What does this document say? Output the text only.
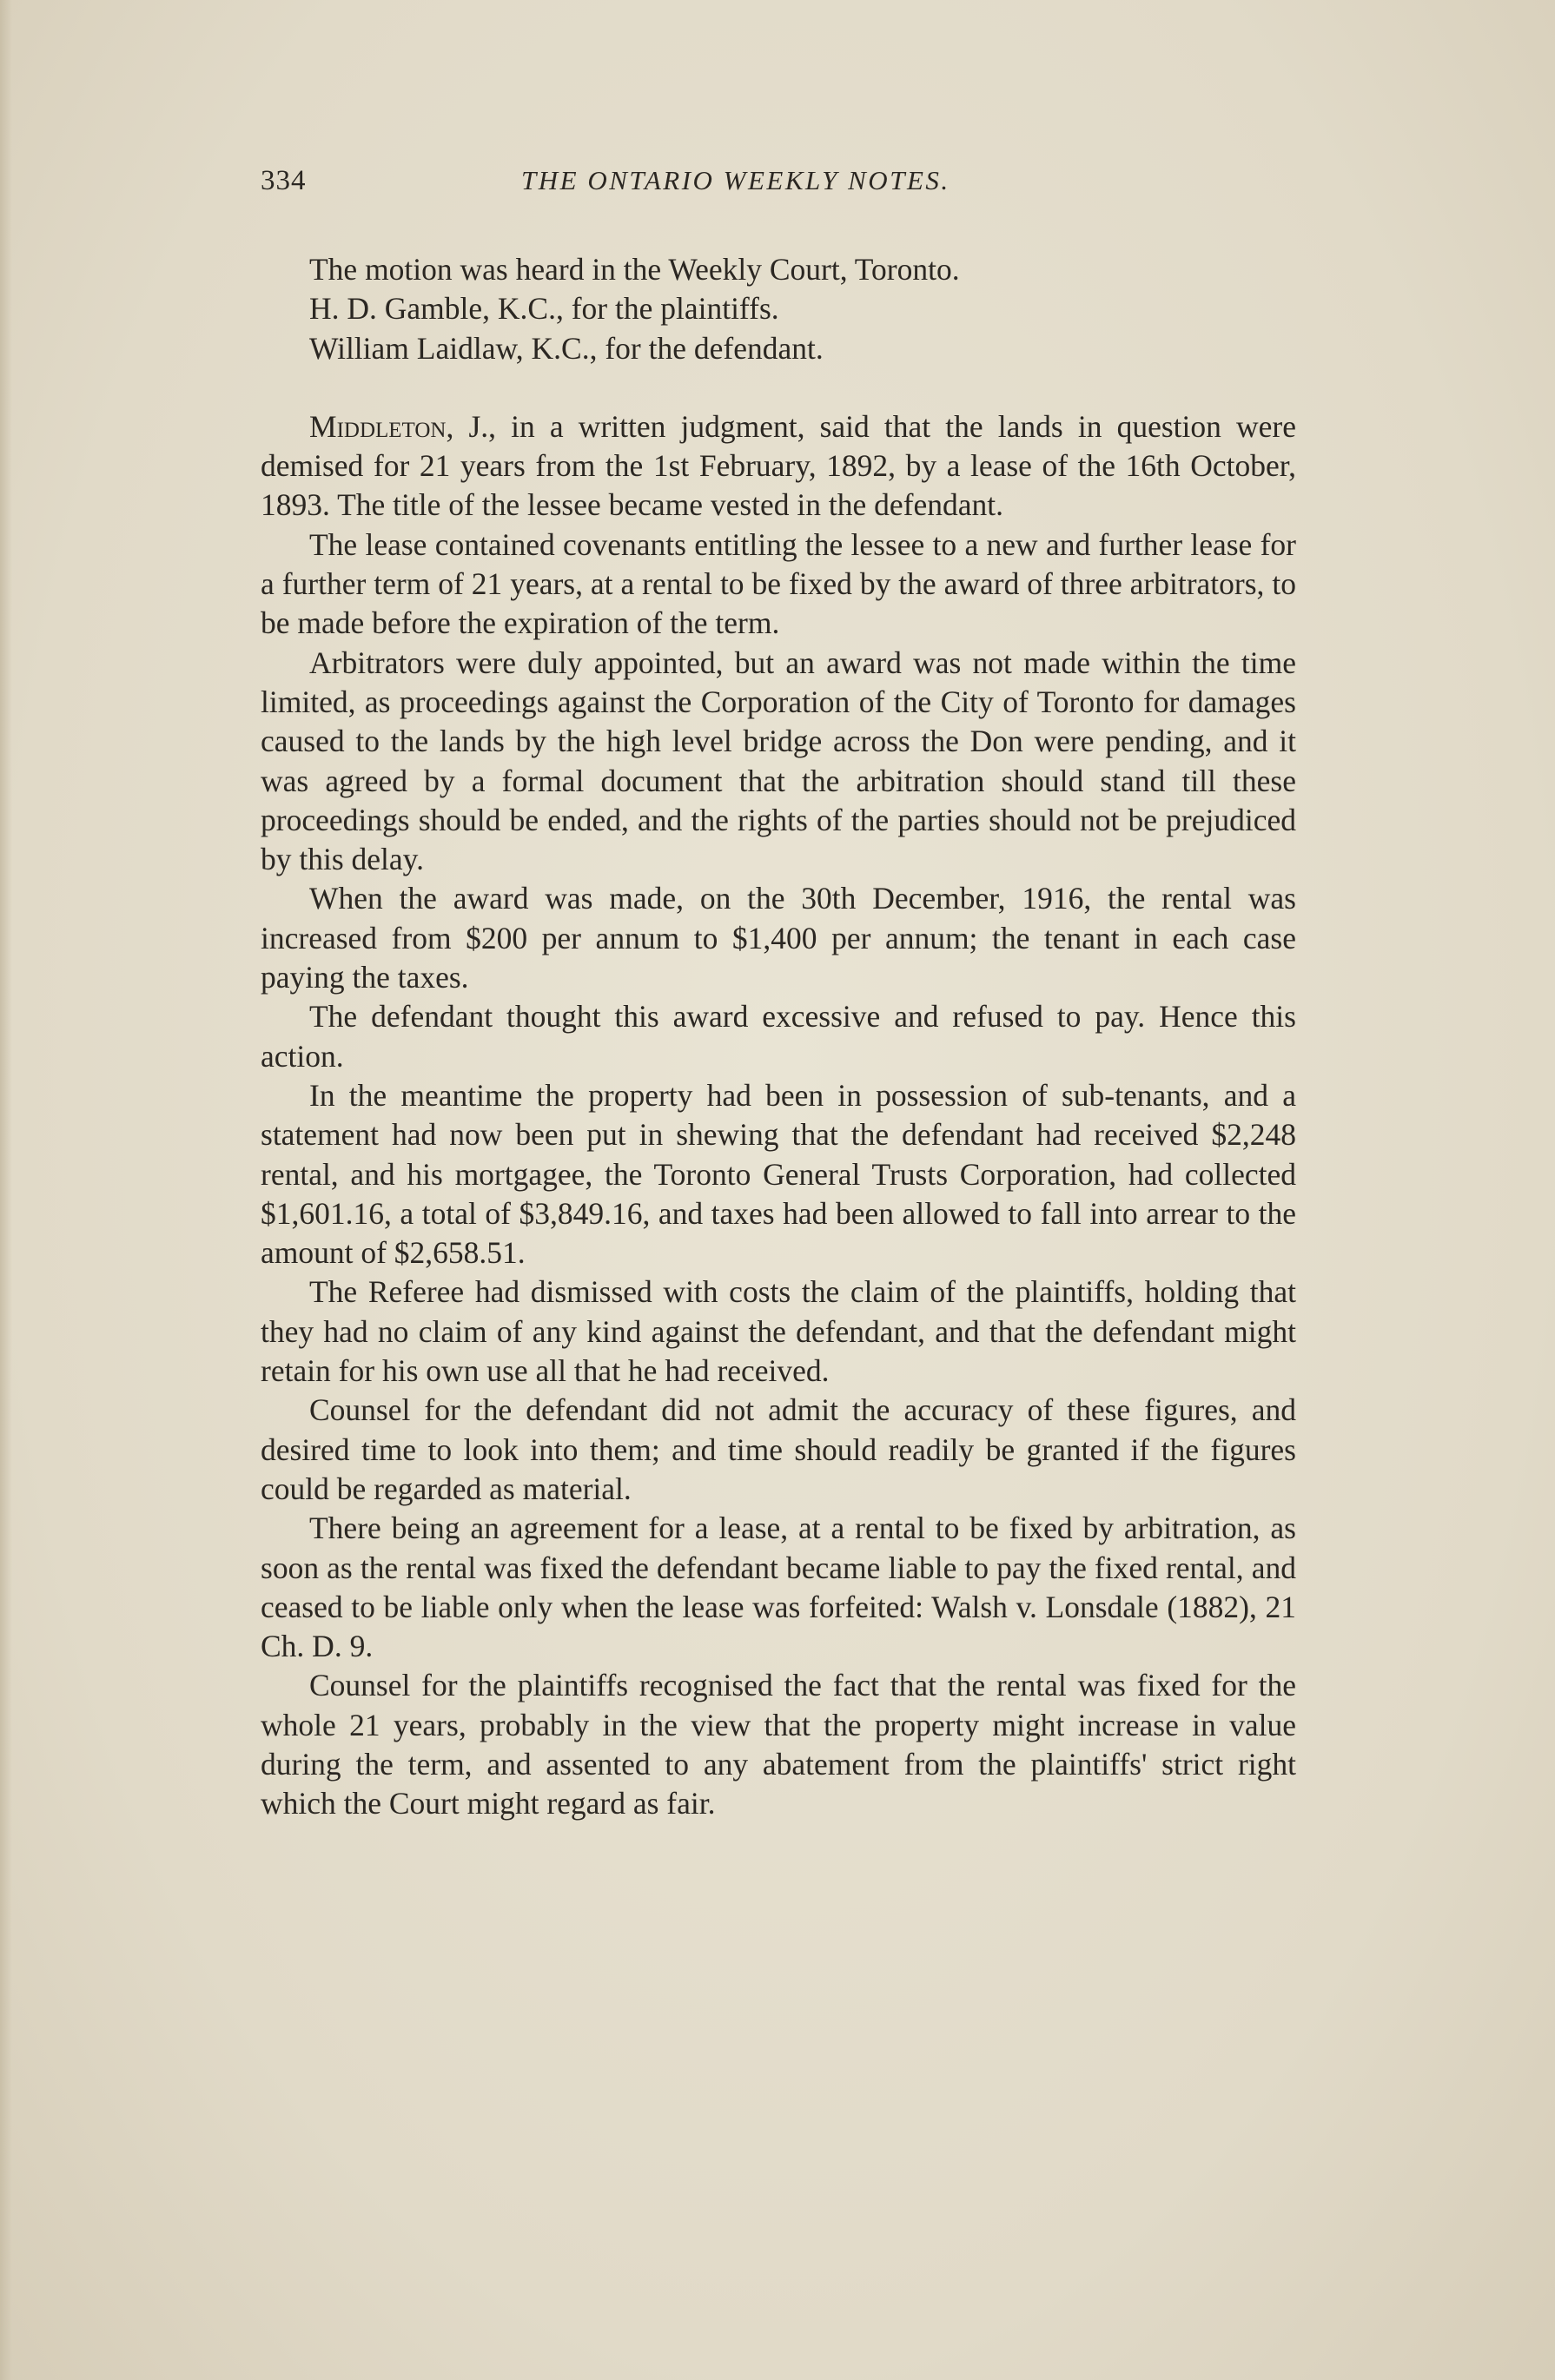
334	THE ONTARIO WEEKLY NOTES.

The motion was heard in the Weekly Court, Toronto.

H. D. Gamble, K.C., for the plaintiffs.

William Laidlaw, K.C., for the defendant.

Middleton, J., in a written judgment, said that the lands in question were demised for 21 years from the 1st February, 1892, by a lease of the 16th October, 1893. The title of the lessee became vested in the defendant.

The lease contained covenants entitling the lessee to a new and further lease for a further term of 21 years, at a rental to be fixed by the award of three arbitrators, to be made before the expiration of the term.

Arbitrators were duly appointed, but an award was not made within the time limited, as proceedings against the Corporation of the City of Toronto for damages caused to the lands by the high level bridge across the Don were pending, and it was agreed by a formal document that the arbitration should stand till these proceedings should be ended, and the rights of the parties should not be prejudiced by this delay.

When the award was made, on the 30th December, 1916, the rental was increased from $200 per annum to $1,400 per annum; the tenant in each case paying the taxes.

The defendant thought this award excessive and refused to pay. Hence this action.

In the meantime the property had been in possession of sub-tenants, and a statement had now been put in shewing that the defendant had received $2,248 rental, and his mortgagee, the Toronto General Trusts Corporation, had collected $1,601.16, a total of $3,849.16, and taxes had been allowed to fall into arrear to the amount of $2,658.51.

The Referee had dismissed with costs the claim of the plaintiffs, holding that they had no claim of any kind against the defendant, and that the defendant might retain for his own use all that he had received.

Counsel for the defendant did not admit the accuracy of these figures, and desired time to look into them; and time should readily be granted if the figures could be regarded as material.

There being an agreement for a lease, at a rental to be fixed by arbitration, as soon as the rental was fixed the defendant became liable to pay the fixed rental, and ceased to be liable only when the lease was forfeited: Walsh v. Lonsdale (1882), 21 Ch. D. 9.

Counsel for the plaintiffs recognised the fact that the rental was fixed for the whole 21 years, probably in the view that the property might increase in value during the term, and assented to any abatement from the plaintiffs' strict right which the Court might regard as fair.
